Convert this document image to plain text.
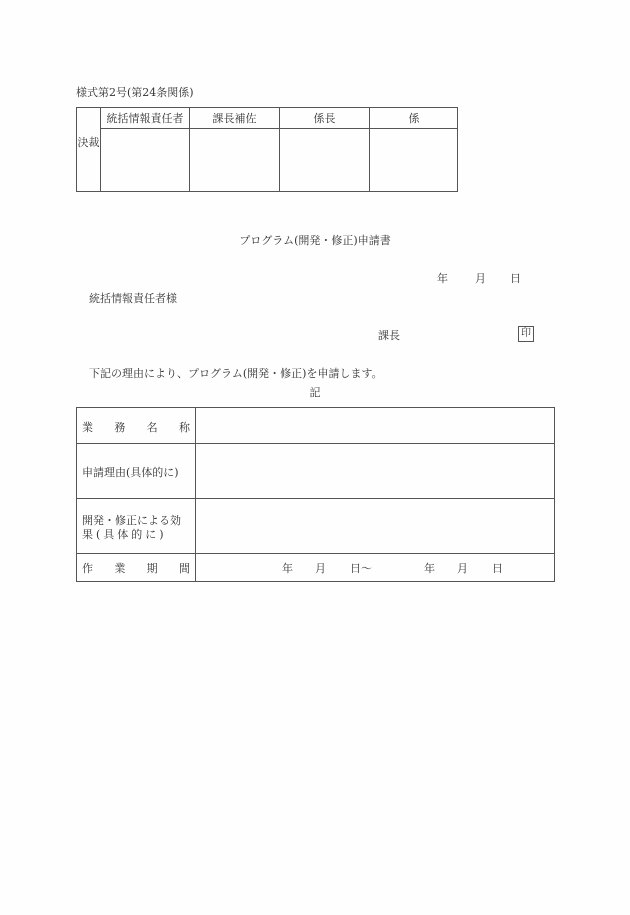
様式第2号(第24条関係)
決裁
統括情報責任者	課長補佐	係長	係
プログラム(開発・修正)申請書
年 月 日
統括情報責任者様
課長	印
下記の理由により、プログラム(開発・修正)を申請します。
記
業 務 名 称
申請理由(具体的に)
開発・修正による効
果(具体的に)
作 業 期 間	年 月 日〜	年 月 日
